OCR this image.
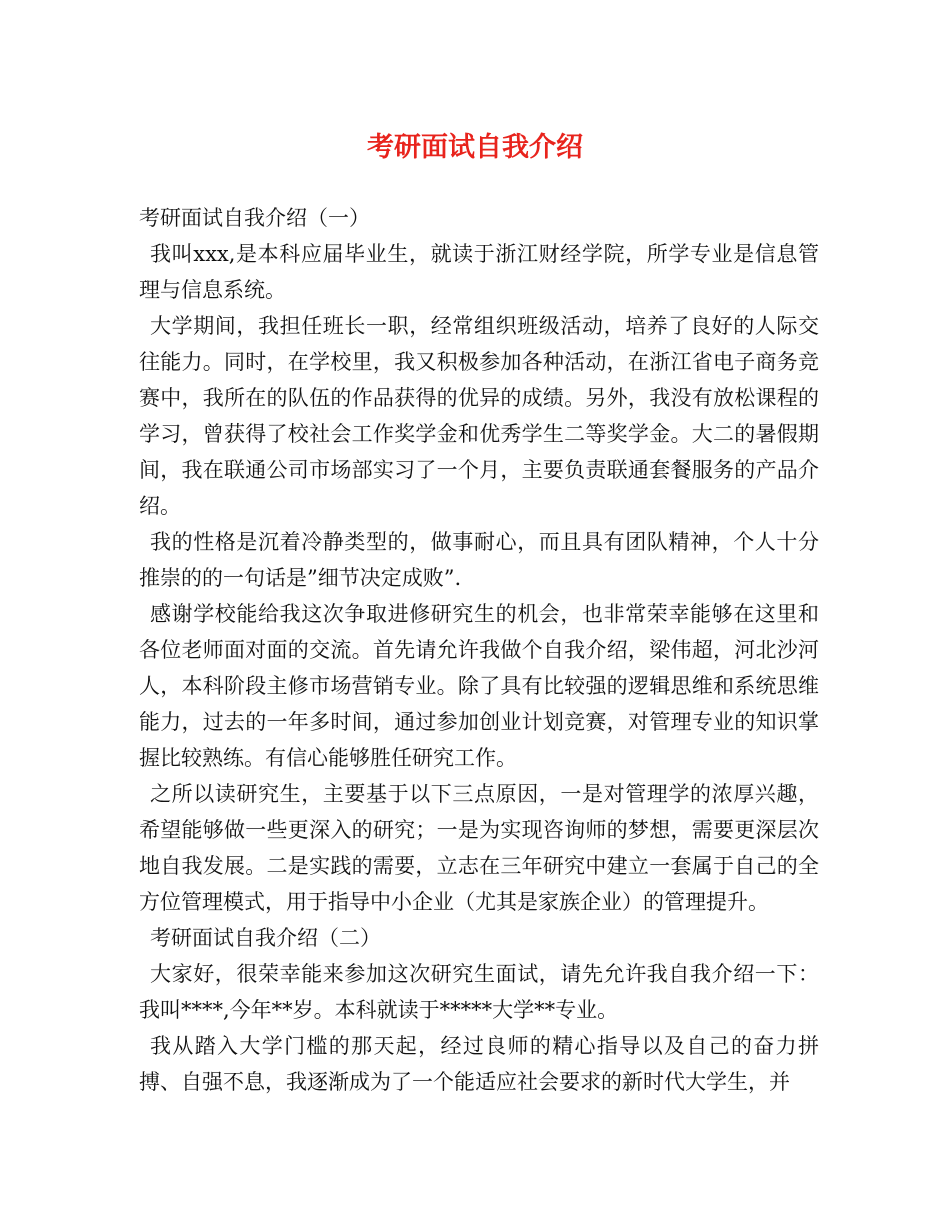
考研面试自我介绍

考研面试自我介绍（一）

我叫xxx,是本科应届毕业生，就读于浙江财经学院，所学专业是信息管理与信息系统。

大学期间，我担任班长一职，经常组织班级活动，培养了良好的人际交往能力。同时，在学校里，我又积极参加各种活动，在浙江省电子商务竞赛中，我所在的队伍的作品获得的优异的成绩。另外，我没有放松课程的学习，曾获得了校社会工作奖学金和优秀学生二等奖学金。大二的暑假期间，我在联通公司市场部实习了一个月，主要负责联通套餐服务的产品介绍。

我的性格是沉着冷静类型的，做事耐心，而且具有团队精神，个人十分推崇的的一句话是”细节决定成败”.

感谢学校能给我这次争取进修研究生的机会，也非常荣幸能够在这里和各位老师面对面的交流。首先请允许我做个自我介绍，梁伟超，河北沙河人，本科阶段主修市场营销专业。除了具有比较强的逻辑思维和系统思维能力，过去的一年多时间，通过参加创业计划竞赛，对管理专业的知识掌握比较熟练。有信心能够胜任研究工作。

之所以读研究生，主要基于以下三点原因，一是对管理学的浓厚兴趣，希望能够做一些更深入的研究；一是为实现咨询师的梦想，需要更深层次地自我发展。二是实践的需要，立志在三年研究中建立一套属于自己的全方位管理模式，用于指导中小企业（尤其是家族企业）的管理提升。

考研面试自我介绍（二）

大家好，很荣幸能来参加这次研究生面试，请先允许我自我介绍一下：我叫****,今年**岁。本科就读于*****大学**专业。

我从踏入大学门槛的那天起，经过良师的精心指导以及自己的奋力拼搏、自强不息，我逐渐成为了一个能适应社会要求的新时代大学生，并
